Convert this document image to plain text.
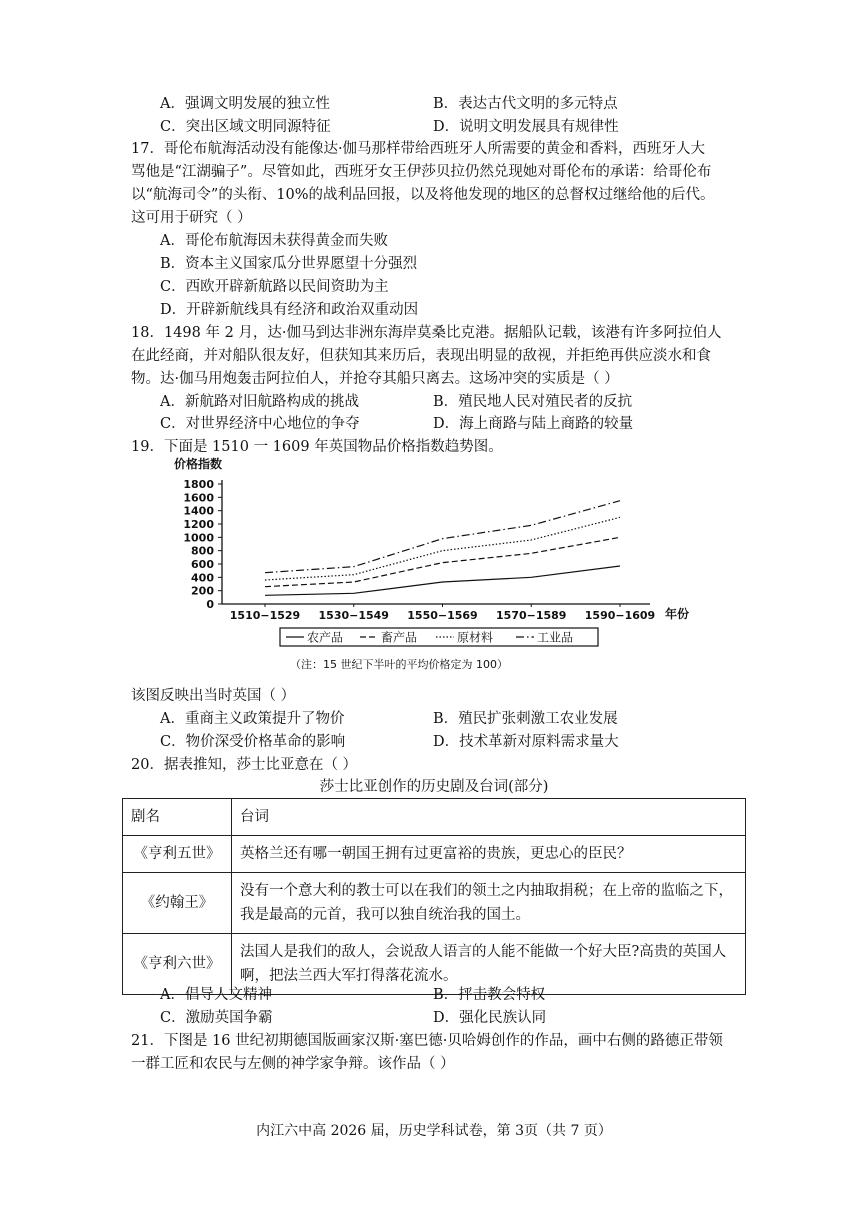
A．强调文明发展的独立性	B．表达古代文明的多元特点
C．突出区域文明同源特征	D．说明文明发展具有规律性
17．哥伦布航海活动没有能像达·伽马那样带给西班牙人所需要的黄金和香料，西班牙人大
骂他是“江湖骗子”。尽管如此，西班牙女王伊莎贝拉仍然兑现她对哥伦布的承诺：给哥伦布
以“航海司令”的头衔、10%的战利品回报，以及将他发现的地区的总督权过继给他的后代。
这可用于研究（ ）
A．哥伦布航海因未获得黄金而失败
B．资本主义国家瓜分世界愿望十分强烈
C．西欧开辟新航路以民间资助为主
D．开辟新航线具有经济和政治双重动因
18．1498 年 2 月，达·伽马到达非洲东海岸莫桑比克港。据船队记载，该港有许多阿拉伯人
在此经商，并对船队很友好，但获知其来历后，表现出明显的敌视，并拒绝再供应淡水和食
物。达·伽马用炮轰击阿拉伯人，并抢夺其船只离去。这场冲突的实质是（ ）
A．新航路对旧航路构成的挑战	B．殖民地人民对殖民者的反抗
C．对世界经济中心地位的争夺	D．海上商路与陆上商路的较量
19．下面是 1510 一 1609 年英国物品价格指数趋势图。
价格指数
0
200
400
600
800
1000
1200
1400
1600
1800
1510−1529 1530−1549 1550−1569 1570−1589 1590−1609 年份
农产品	畜产品	原材料	工业品
（注：15 世纪下半叶的平均价格定为 100）
该图反映出当时英国（ ）
A．重商主义政策提升了物价	B．殖民扩张刺激工农业发展
C．物价深受价格革命的影响	D．技术革新对原料需求量大
20．据表推知，莎士比亚意在（ ）
莎士比亚创作的历史剧及台词(部分)
剧名	台词
《亨利五世》	英格兰还有哪一朝国王拥有过更富裕的贵族，更忠心的臣民？
《约翰王》	没有一个意大利的教士可以在我们的领土之内抽取捐税；在上帝的监临之下，我是最高的元首，我可以独自统治我的国土。
《亨利六世》	法国人是我们的敌人，会说敌人语言的人能不能做一个好大臣?高贵的英国人啊，把法兰西大军打得落花流水。
A．倡导人文精神	B．抨击教会特权
C．激励英国争霸	D．强化民族认同
21．下图是 16 世纪初期德国版画家汉斯·塞巴德·贝哈姆创作的作品，画中右侧的路德正带领
一群工匠和农民与左侧的神学家争辩。该作品（ ）
内江六中高 2026 届，历史学科试卷，第 3页（共 7 页）
